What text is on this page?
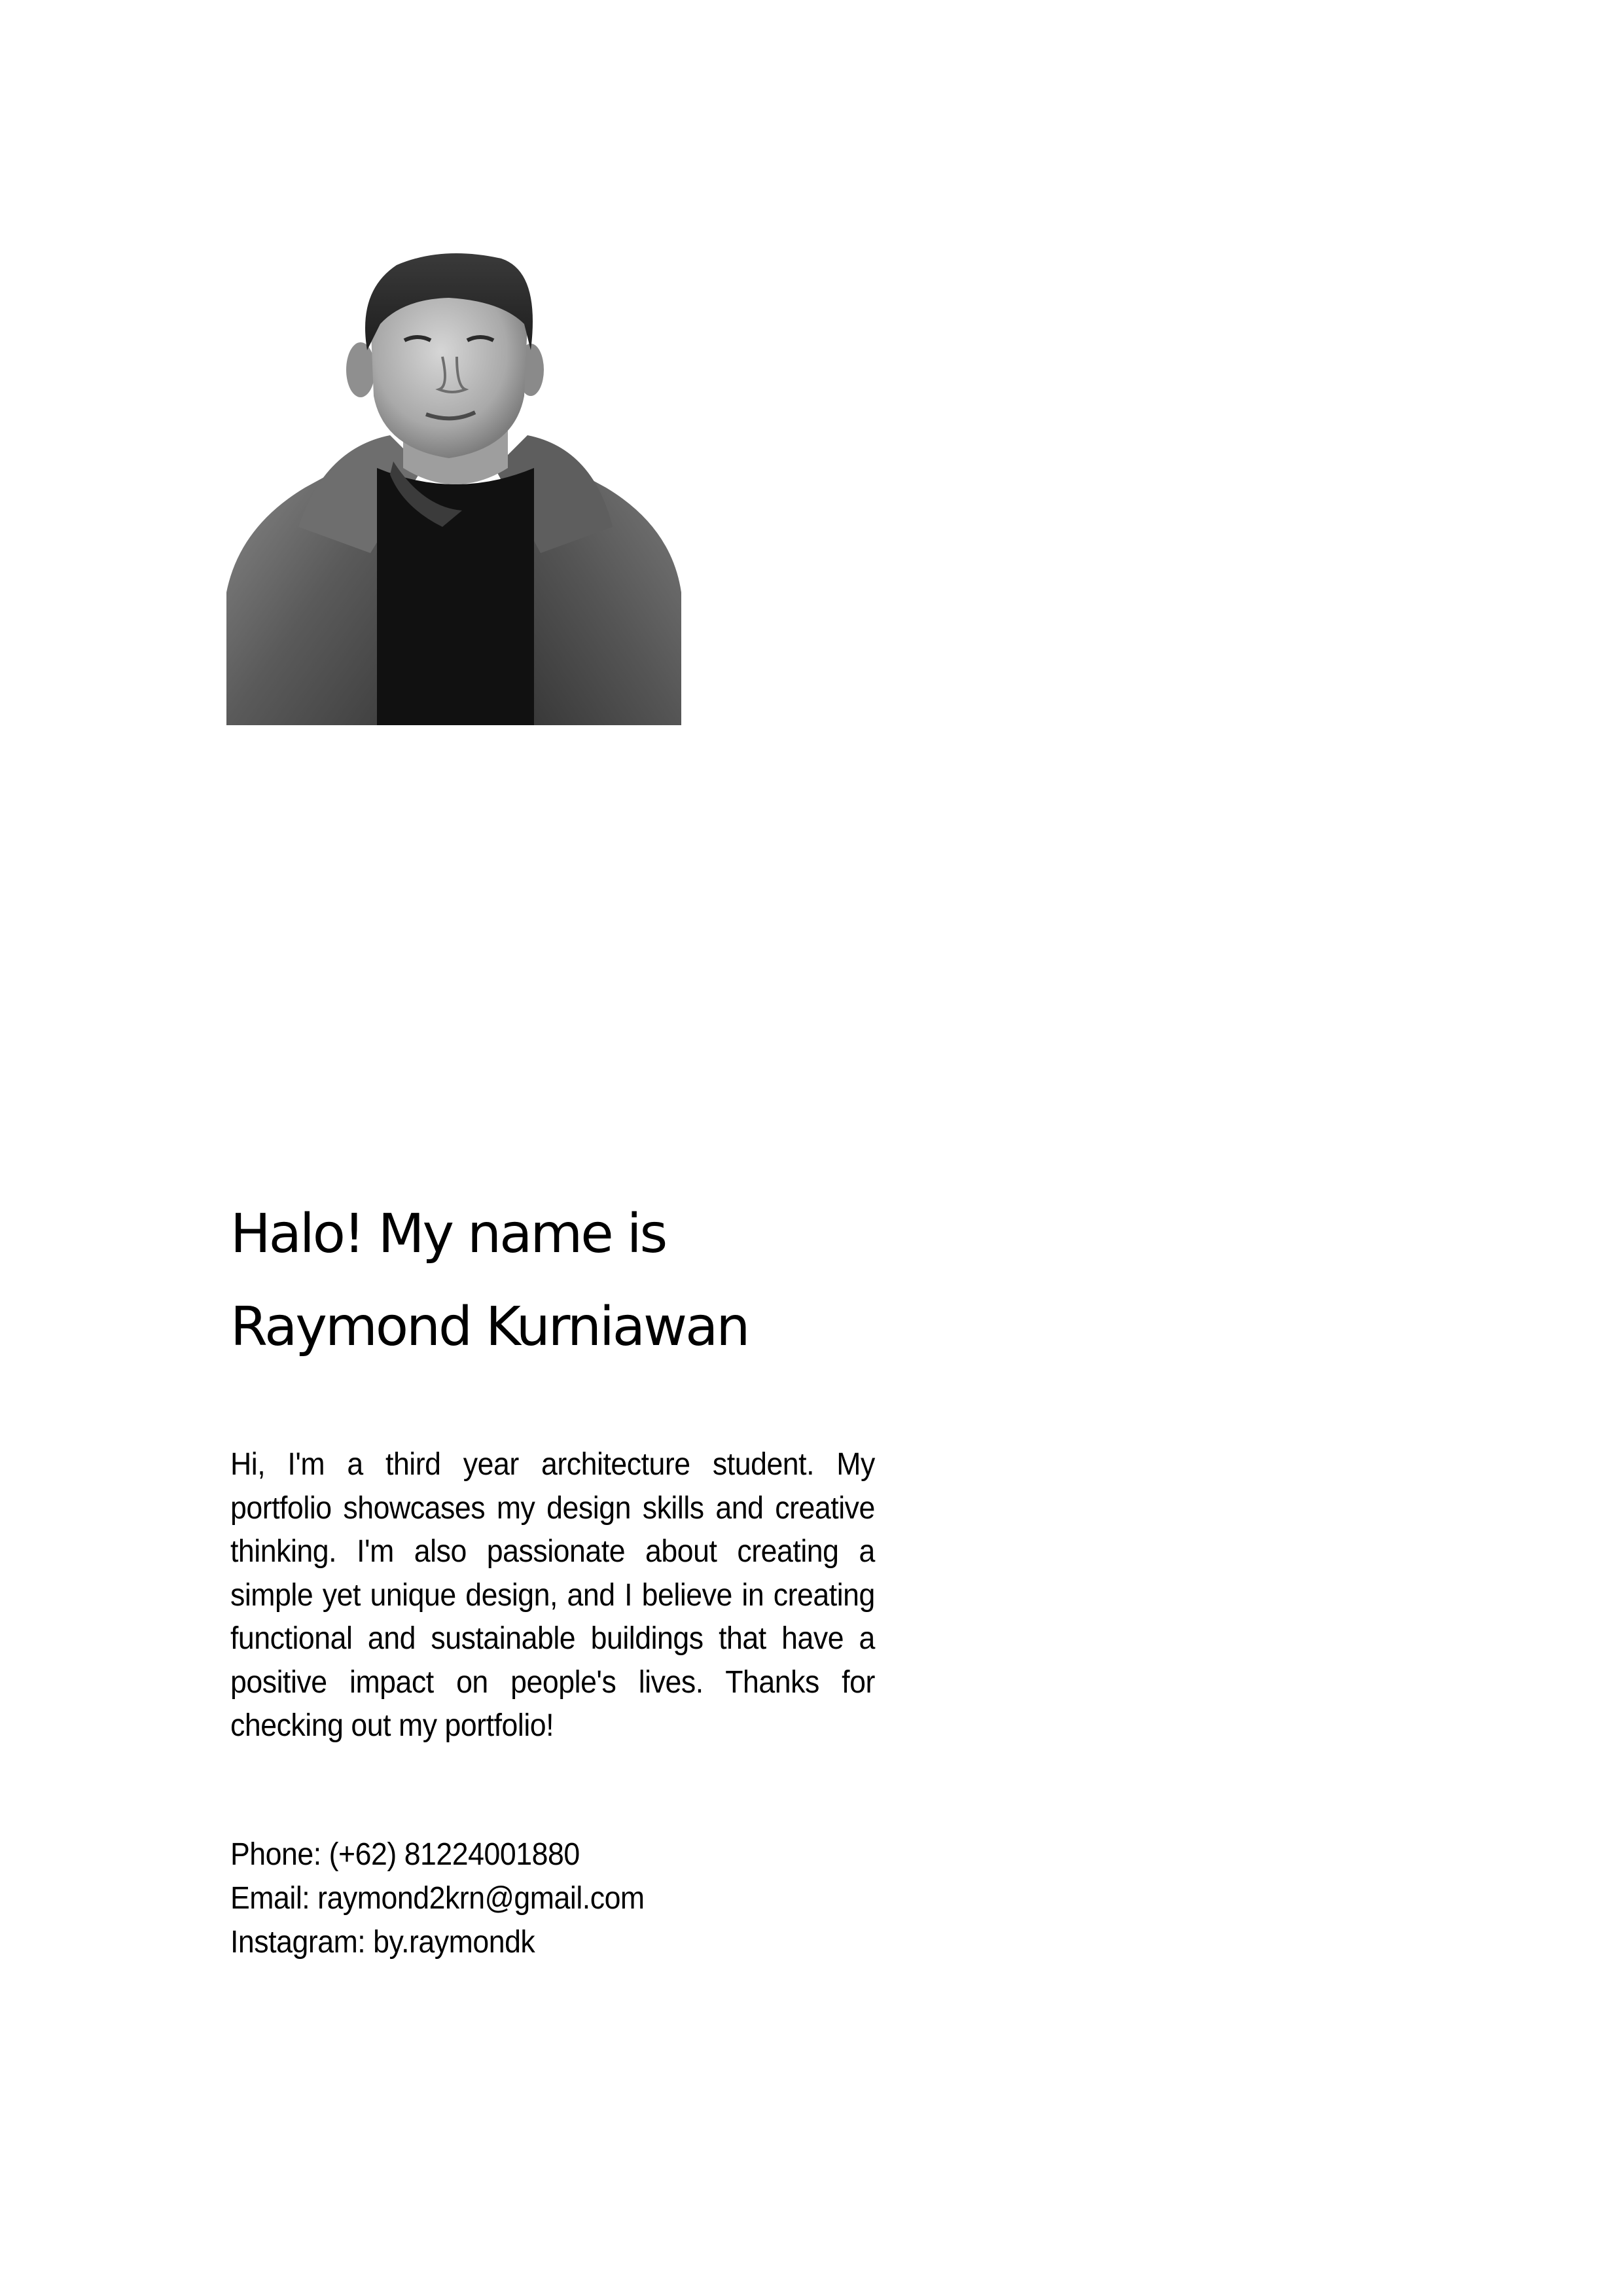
Halo! My name is
Raymond Kurniawan

Hi, I'm a third year architecture student. My portfolio showcases my design skills and creative thinking. I'm also passionate about creating a simple yet unique design, and I believe in creating functional and sustainable buildings that have a positive impact on people's lives. Thanks for checking out my portfolio!

Phone: (+62) 81224001880
Email: raymond2krn@gmail.com
Instagram: by.raymondk
